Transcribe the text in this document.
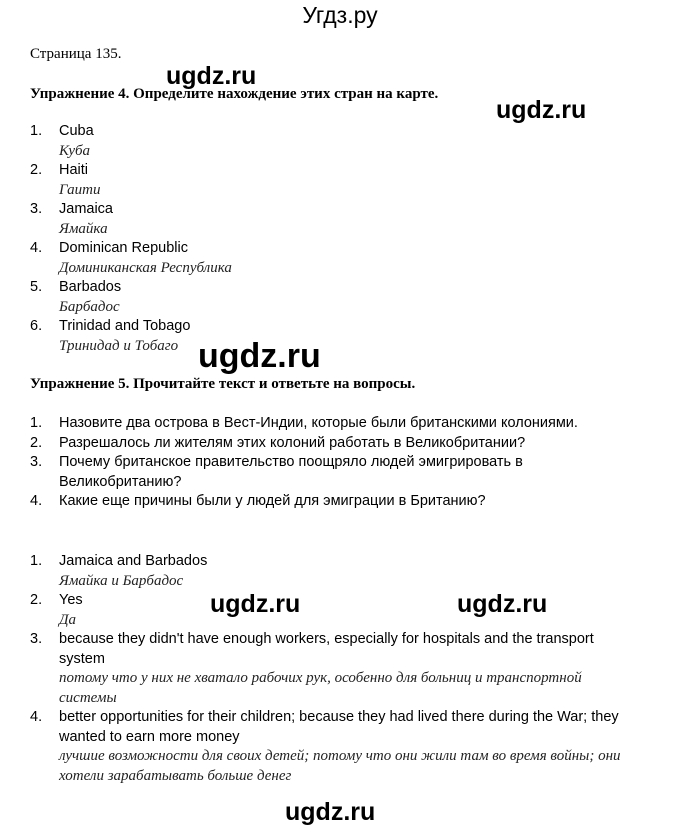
Угдз.ру
Страница 135.
Упражнение 4. Определите нахождение этих стран на карте.
1.	Cuba
Куба
2.	Haiti
Гаити
3.	Jamaica
Ямайка
4.	Dominican Republic
Доминиканская Республика
5.	Barbados
Барбадос
6.	Trinidad and Tobago
Тринидад и Тобаго
Упражнение 5. Прочитайте текст и ответьте на вопросы.
1. Назовите два острова в Вест-Индии, которые были британскими колониями.
2. Разрешалось ли жителям этих колоний работать в Великобритании?
3. Почему британское правительство поощряло людей эмигрировать в Великобританию?
4. Какие еще причины были у людей для эмиграции в Британию?
1.	Jamaica and Barbados
Ямайка и Барбадос
2.	Yes
Да
3.	because they didn't have enough workers, especially for hospitals and the transport system
потому что у них не хватало рабочих рук, особенно для больниц и транспортной системы
4.	better opportunities for their children; because they had lived there during the War; they wanted to earn more money
лучшие возможности для своих детей; потому что они жили там во время войны; они хотели зарабатывать больше денег
ugdz.ru
ugdz.ru
ugdz.ru
ugdz.ru	ugdz.ru
ugdz.ru
